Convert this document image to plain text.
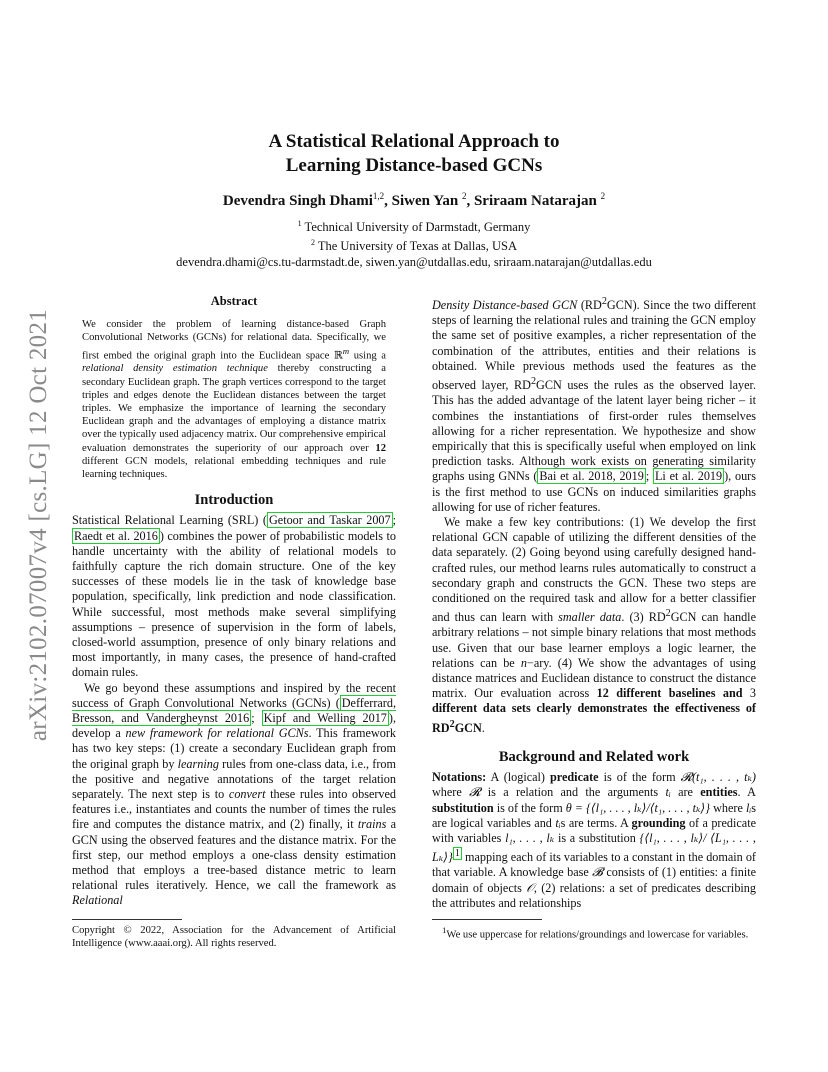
arXiv:2102.07007v4 [cs.LG] 12 Oct 2021
A Statistical Relational Approach to
Learning Distance-based GCNs
Devendra Singh Dhami$^{1,2}$, Siwen Yan $^2$, Sriraam Natarajan $^2$
$^1$ Technical University of Darmstadt, Germany
$^2$ The University of Texas at Dallas, USA
devendra.dhami@cs.tu-darmstadt.de, siwen.yan@utdallas.edu, sriraam.natarajan@utdallas.edu
Abstract

We consider the problem of learning distance-based Graph Convolutional Networks (GCNs) for relational data. Specifically, we first embed the original graph into the Euclidean space ℝ$^m$ using a relational density estimation technique thereby constructing a secondary Euclidean graph. The graph vertices correspond to the target triples and edges denote the Euclidean distances between the target triples. We emphasize the importance of learning the secondary Euclidean graph and the advantages of employing a distance matrix over the typically used adjacency matrix. Our comprehensive empirical evaluation demonstrates the superiority of our approach over 12 different GCN models, relational embedding techniques and rule learning techniques.

Introduction

Statistical Relational Learning (SRL) ( Getoor and Taskar 2007 ; Raedt et al. 2016 ) combines the power of probabilistic models to handle uncertainty with the ability of relational models to faithfully capture the rich domain structure. One of the key successes of these models lie in the task of knowledge base population, specifically, link prediction and node classification. While successful, most methods make several simplifying assumptions – presence of supervision in the form of labels, closed-world assumption, presence of only binary relations and most importantly, in many cases, the presence of hand-crafted domain rules.

We go beyond these assumptions and inspired by the recent success of Graph Convolutional Networks (GCNs) ( Defferrard, Bresson, and Vandergheynst 2016 ; Kipf and Welling 2017 ), develop a new framework for relational GCNs. This framework has two key steps: (1) create a secondary Euclidean graph from the original graph by learning rules from one-class data, i.e., from the positive and negative annotations of the target relation separately. The next step is to convert these rules into observed features i.e., instantiates and counts the number of times the rules fire and computes the distance matrix, and (2) finally, it trains a GCN using the observed features and the distance matrix. For the first step, our method employs a one-class density estimation method that employs a tree-based distance metric to learn relational rules iteratively. Hence, we call the framework as Relational

Copyright © 2022, Association for the Advancement of Artificial Intelligence (www.aaai.org). All rights reserved.

Density Distance-based GCN $(RD^2GCN)$. Since the two different steps of learning the relational rules and training the GCN employ the same set of positive examples, a richer representation of the combination of the attributes, entities and their relations is obtained. While previous methods used the features as the observed layer, $RD^2GCN$ uses the rules as the observed layer. This has the added advantage of the latent layer being richer – it combines the instantiations of first-order rules themselves allowing for a richer representation. We hypothesize and show empirically that this is specifically useful when employed on link prediction tasks. Although work exists on generating similarity graphs using GNNs ( Bai et al. 2018, 2019 ; Li et al. 2019 ), ours is the first method to use GCNs on induced similarities graphs allowing for use of richer features.

We make a few key contributions: (1) We develop the first relational GCN capable of utilizing the different densities of the data separately. (2) Going beyond using carefully designed hand-crafted rules, our method learns rules automatically to construct a secondary graph and constructs the GCN. These two steps are conditioned on the required task and allow for a better classifier and thus can learn with smaller data. (3) $RD^2GCN$ can handle arbitrary relations – not simple binary relations that most methods use. Given that our base learner employs a logic learner, the relations can be n−ary. (4) We show the advantages of using distance matrices and Euclidean distance to construct the distance matrix. Our evaluation across 12 different baselines and 3 different data sets clearly demonstrates the effectiveness of $RD^2GCN$.

Background and Related work

Notations: A (logical) predicate is of the form 𝓡(t₁, . . . , tₖ) where 𝓡 is a relation and the arguments tᵢ are entities. A substitution is of the form θ = {⟨l₁, . . . , lₖ⟩/⟨t₁, . . . , tₖ⟩} where lᵢs are logical variables and tᵢs are terms. A grounding of a predicate with variables l₁, . . . , lₖ is a substitution {⟨l₁, . . . , lₖ⟩/ ⟨L₁, . . . , Lₖ⟩} $^1$ mapping each of its variables to a constant in the domain of that variable. A knowledge base 𝓑 consists of (1) entities: a finite domain of objects 𝒪, (2) relations: a set of predicates describing the attributes and relationships

$^1$We use uppercase for relations/groundings and lowercase for variables.
